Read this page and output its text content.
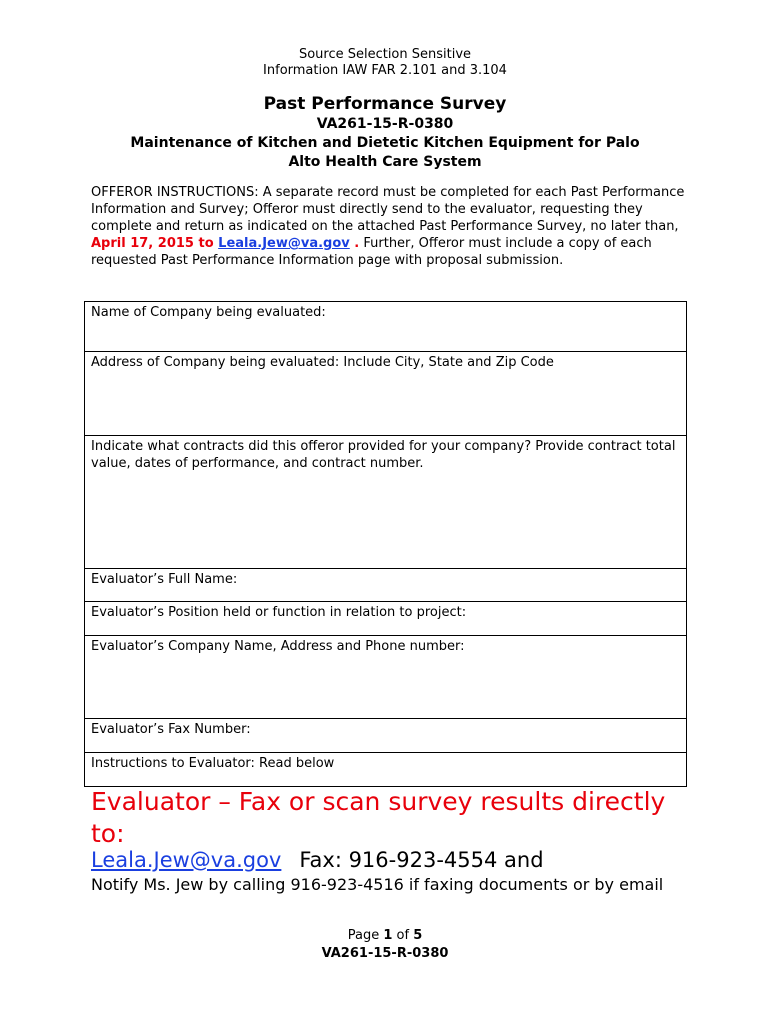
Source Selection Sensitive
Information IAW FAR 2.101 and 3.104
Past Performance Survey
VA261-15-R-0380
Maintenance of Kitchen and Dietetic Kitchen Equipment for Palo
Alto Health Care System
OFFEROR INSTRUCTIONS: A separate record must be completed for each Past Performance Information and Survey; Offeror must directly send to the evaluator, requesting they complete and return as indicated on the attached Past Performance Survey, no later than, April 17, 2015 to Leala.Jew@va.gov . Further, Offeror must include a copy of each requested Past Performance Information page with proposal submission.
Name of Company being evaluated:
Address of Company being evaluated: Include City, State and Zip Code
Indicate what contracts did this offeror provided for your company? Provide contract total value, dates of performance, and contract number.
Evaluator’s Full Name:
Evaluator’s Position held or function in relation to project:
Evaluator’s Company Name, Address and Phone number:
Evaluator’s Fax Number:
Instructions to Evaluator: Read below
Evaluator – Fax or scan survey results directly to:
Leala.Jew@va.gov Fax: 916-923-4554 and
Notify Ms. Jew by calling 916-923-4516 if faxing documents or by email
Page 1 of 5
VA261-15-R-0380
